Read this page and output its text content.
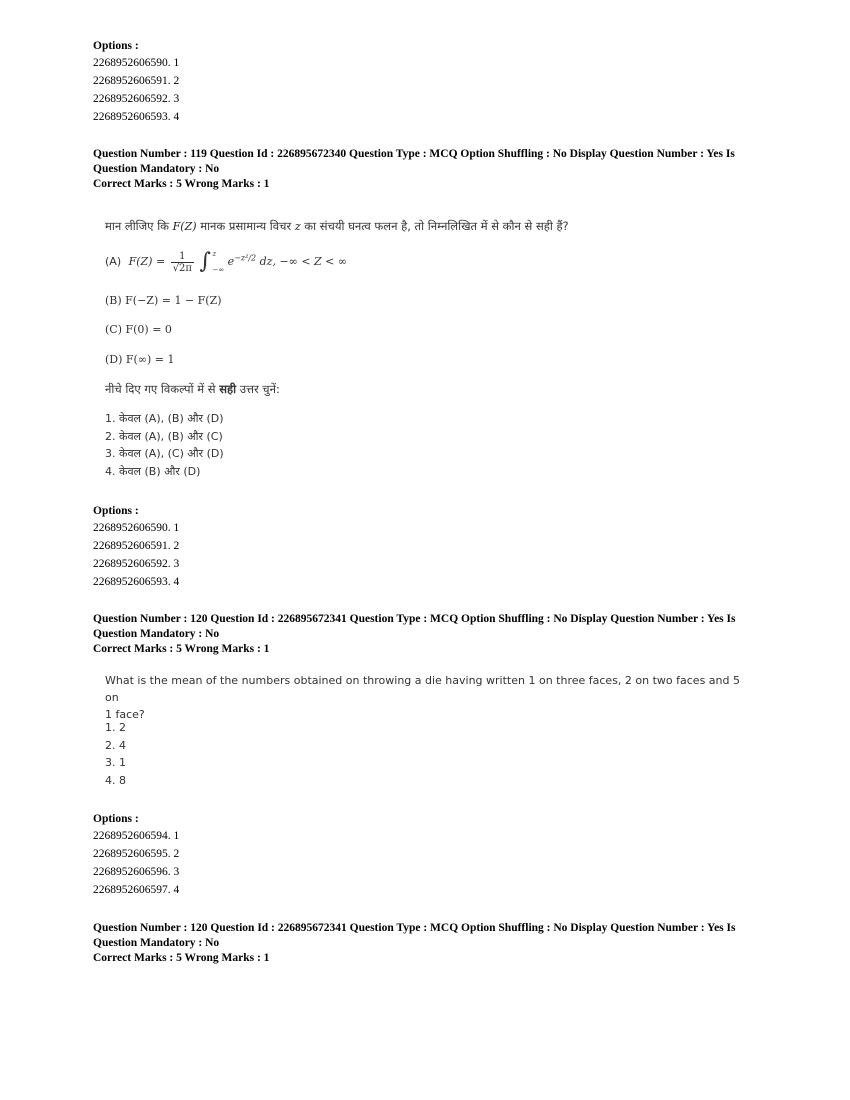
Options :
2268952606590. 1
2268952606591. 2
2268952606592. 3
2268952606593. 4
Question Number : 119 Question Id : 226895672340 Question Type : MCQ Option Shuffling : No Display Question Number : Yes Is
Question Mandatory : No
Correct Marks : 5 Wrong Marks : 1
मान लीजिए कि F(Z) मानक प्रसामान्य विचर z का संचयी घनत्व फलन है, तो निम्नलिखित में से कौन से सही हैं?
(A) $F(Z) = \frac{1}{√2\pi}$ ∫ z
−∞
$e^{-z^2/2}$ dz, −∞ < Z < ∞
(B) F(−Z) = 1 − F(Z)
(C) F(0) = 0
(D) F(∞) = 1
नीचे दिए गए विकल्पों में से सही उत्तर चुनें:
1. केवल (A), (B) और (D)
2. केवल (A), (B) और (C)
3. केवल (A), (C) और (D)
4. केवल (B) और (D)
Options :
2268952606590. 1
2268952606591. 2
2268952606592. 3
2268952606593. 4
Question Number : 120 Question Id : 226895672341 Question Type : MCQ Option Shuffling : No Display Question Number : Yes Is
Question Mandatory : No
Correct Marks : 5 Wrong Marks : 1
What is the mean of the numbers obtained on throwing a die having written 1 on three faces, 2 on two faces and 5 on
1 face?
1. 2
2. 4
3. 1
4. 8
Options :
2268952606594. 1
2268952606595. 2
2268952606596. 3
2268952606597. 4
Question Number : 120 Question Id : 226895672341 Question Type : MCQ Option Shuffling : No Display Question Number : Yes Is
Question Mandatory : No
Correct Marks : 5 Wrong Marks : 1
